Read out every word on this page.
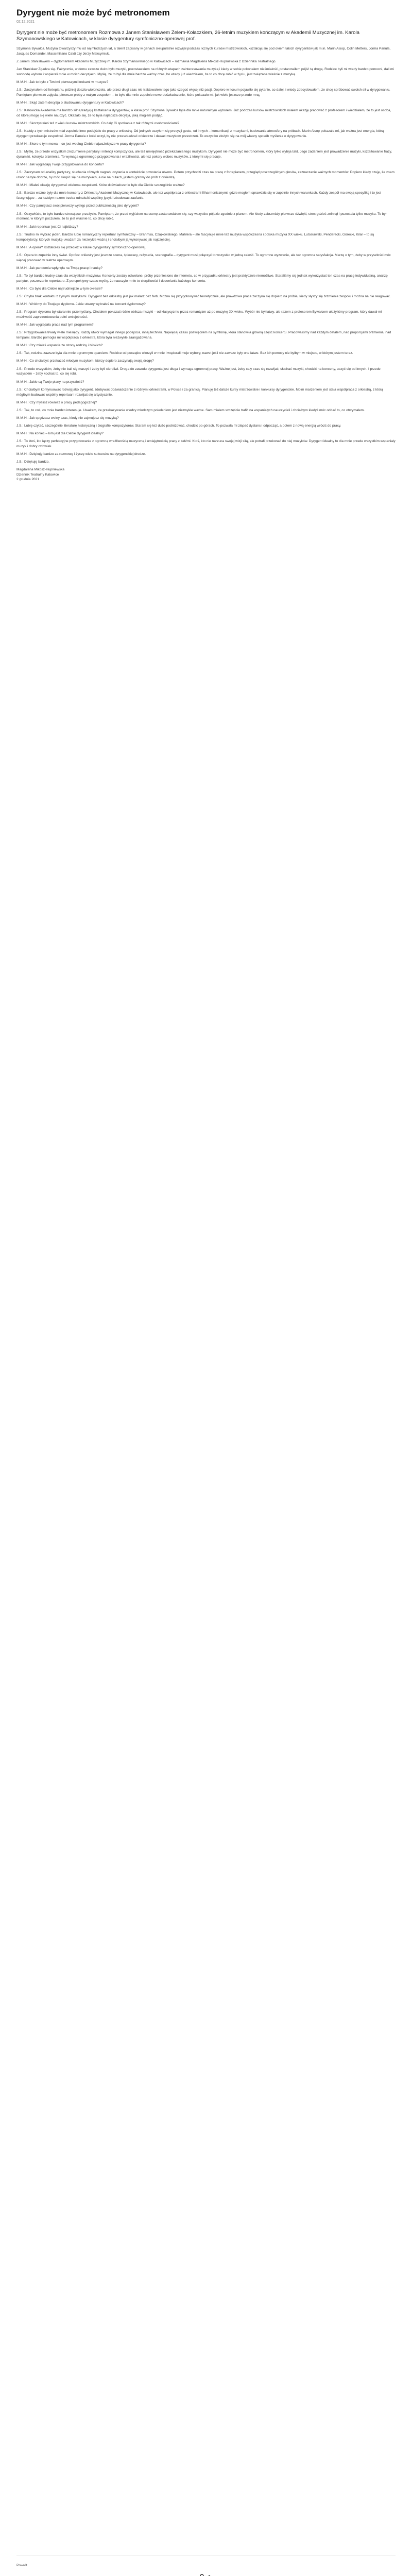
Dyrygent nie może być metronomem
02.12.2021

Dyrygent nie może być metronomem Rozmowa z Janem Stanisławem Zelem-Kołaczkiem, 26-letnim muzykiem kończącym w Akademii Muzycznej im. Karola Szymanowskiego w Katowicach, w klasie dyrygentury symfoniczno-operowej prof.

Szymona Bywalca. Muzyka towarzyszy mu od najmłodszych lat, a talent zapisany w genach skrupulatnie rozwijał podczas licznych kursów mistrzowskich, kształcąc się pod okiem takich dyrygentów jak m.in. Marin Alsop, Colin Metters, Jorma Panula, Jacques Domandel, Massimiliano Caldi czy Jerzy Maksymiuk.

Z Janem Stanisławem – dyplomantem Akademii Muzycznej im. Karola Szymanowskiego w Katowicach – rozmawia Magdalena Mikosz-Hupniewska z Dziennika Teatralnego.

Jan Stanisław Zgadza się. Faktycznie, w domu zawsze dużo było muzyki, pozostawałem na różnych etapach zainteresowania muzyką i kiedy w sobie pokonałem nieśmiałość, postanowiłem pójść tą drogą. Rodzice byli mi wtedy bardzo pomocni, dali mi swobodę wyboru i wspierali mnie w moich decyzjach. Myślę, że to był dla mnie bardzo ważny czas, bo wtedy już wiedziałem, że to co chcę robić w życiu, jest związane właśnie z muzyką.

M.M-H.: Jak to było z Twoimi pierwszymi krokami w muzyce?

J.S.: Zaczynałem od fortepianu, później doszła wiolonczela, ale przez długi czas nie traktowałem tego jako czegoś więcej niż pasji. Dopiero w liceum pojawiło się pytanie, co dalej, i wtedy zdecydowałem, że chcę spróbować swoich sił w dyrygowaniu. Pamiętam pierwsze zajęcia, pierwsze próby z małym zespołem – to było dla mnie zupełnie nowe doświadczenie, które pokazało mi, jak wiele jeszcze przede mną.

M.M-H.: Skąd zatem decyzja o studiowaniu dyrygentury w Katowicach?

J.S.: Katowicka Akademia ma bardzo silną tradycję kształcenia dyrygentów, a klasa prof. Szymona Bywalca była dla mnie naturalnym wyborem. Już podczas kursów mistrzowskich miałem okazję pracować z profesorem i wiedziałem, że to jest osoba, od której mogę się wiele nauczyć. Okazało się, że to była najlepsza decyzja, jaką mogłem podjąć.

M.M-H.: Skorzystałeś też z wielu kursów mistrzowskich. Co dały Ci spotkania z tak różnymi osobowościami?

J.S.: Każdy z tych mistrzów miał zupełnie inne podejście do pracy z orkiestrą. Od jednych uczyłem się precyzji gestu, od innych – komunikacji z muzykami, budowania atmosfery na próbach. Marin Alsop pokazała mi, jak ważna jest energia, którą dyrygent przekazuje zespołowi. Jorma Panula z kolei uczył, by nie przeszkadzać orkiestrze i dawać muzykom przestrzeń. To wszystko złożyło się na mój własny sposób myślenia o dyrygowaniu.

M.M-H.: Skoro o tym mowa – co jest według Ciebie najważniejsze w pracy dyrygenta?

J.S.: Myślę, że przede wszystkim zrozumienie partytury i intencji kompozytora, ale też umiejętność przekazania tego muzykom. Dyrygent nie może być metronomem, który tylko wybija takt. Jego zadaniem jest prowadzenie muzyki, kształtowanie frazy, dynamiki, kolorytu brzmienia. To wymaga ogromnego przygotowania i wrażliwości, ale też pokory wobec muzyków, z którymi się pracuje.

M.M-H.: Jak wyglądają Twoje przygotowania do koncertu?

J.S.: Zaczynam od analizy partytury, słuchania różnych nagrań, czytania o kontekście powstania utworu. Potem przychodzi czas na pracę z fortepianem, przegląd poszczególnych głosów, zaznaczanie ważnych momentów. Dopiero kiedy czuję, że znam utwór na tyle dobrze, by móc skupić się na muzykach, a nie na nutach, jestem gotowy do prób z orkiestrą.

M.M-H.: Miałeś okazję dyrygować wieloma zespołami. Które doświadczenie było dla Ciebie szczególnie ważne?

J.S.: Bardzo ważne były dla mnie koncerty z Orkiestrą Akademii Muzycznej w Katowicach, ale też współpraca z orkiestrami filharmonicznymi, gdzie mogłem sprawdzić się w zupełnie innych warunkach. Każdy zespół ma swoją specyfikę i to jest fascynujące – za każdym razem trzeba odnaleźć wspólny język i zbudować zaufanie.

M.M-H.: Czy pamiętasz swój pierwszy występ przed publicznością jako dyrygent?

J.S.: Oczywiście, to było bardzo stresujące przeżycie. Pamiętam, że przed wyjściem na scenę zastanawiałem się, czy wszystko pójdzie zgodnie z planem. Ale kiedy zabrzmiały pierwsze dźwięki, stres gdzieś zniknął i pozostała tylko muzyka. To był moment, w którym poczułem, że to jest właśnie to, co chcę robić.

M.M-H.: Jaki repertuar jest Ci najbliższy?

J.S.: Trudno mi wybrać jeden. Bardzo lubię romantyczny repertuar symfoniczny – Brahmsa, Czajkowskiego, Mahlera – ale fascynuje mnie też muzyka współczesna i polska muzyka XX wieku. Lutosławski, Penderecki, Górecki, Kilar – to są kompozytorzy, których muzykę uważam za niezwykle ważną i chciałbym ją wykonywać jak najczęściej.

M.M-H.: A opera? Kształciłeś się przecież w klasie dyrygentury symfoniczno-operowej.

J.S.: Opera to zupełnie inny świat. Oprócz orkiestry jest jeszcze scena, śpiewacy, reżyseria, scenografia – dyrygent musi połączyć to wszystko w jedną całość. To ogromne wyzwanie, ale też ogromna satysfakcja. Marzę o tym, żeby w przyszłości móc więcej pracować w teatrze operowym.

M.M-H.: Jak pandemia wpłynęła na Twoją pracę i naukę?

J.S.: To był bardzo trudny czas dla wszystkich muzyków. Koncerty zostały odwołane, próby przeniesiono do internetu, co w przypadku orkiestry jest praktycznie niemożliwe. Staraliśmy się jednak wykorzystać ten czas na pracę indywidualną, analizę partytur, poszerzanie repertuaru. Z perspektywy czasu myślę, że nauczyło mnie to cierpliwości i doceniania każdego koncertu.

M.M-H.: Co było dla Ciebie najtrudniejsze w tym okresie?

J.S.: Chyba brak kontaktu z żywymi muzykami. Dyrygent bez orkiestry jest jak malarz bez farb. Można się przygotowywać teoretycznie, ale prawdziwa praca zaczyna się dopiero na próbie, kiedy słyszy się brzmienie zespołu i można na nie reagować.

M.M-H.: Wróćmy do Twojego dyplomu. Jakie utwory wybrałeś na koncert dyplomowy?

J.S.: Program dyplomu był starannie przemyślany. Chciałem pokazać różne oblicza muzyki – od klasycyzmu przez romantyzm aż po muzykę XX wieku. Wybór nie był łatwy, ale razem z profesorem Bywalcem ułożyliśmy program, który dawał mi możliwość zaprezentowania pełni umiejętności.

M.M-H.: Jak wyglądała praca nad tym programem?

J.S.: Przygotowania trwały wiele miesięcy. Każdy utwór wymagał innego podejścia, innej techniki. Najwięcej czasu poświęciłem na symfonię, która stanowiła główną część koncertu. Pracowaliśmy nad każdym detalem, nad proporcjami brzmienia, nad tempami. Bardzo pomogła mi współpraca z orkiestrą, która była niezwykle zaangażowana.

M.M-H.: Czy miałeś wsparcie ze strony rodziny i bliskich?

J.S.: Tak, rodzina zawsze była dla mnie ogromnym oparciem. Rodzice od początku wierzyli w mnie i wspierali moje wybory, nawet jeśli nie zawsze były one łatwe. Bez ich pomocy nie byłbym w miejscu, w którym jestem teraz.

M.M-H.: Co chciałbyś przekazać młodym muzykom, którzy dopiero zaczynają swoją drogę?

J.S.: Przede wszystkim, żeby nie bali się marzyć i żeby byli cierpliwi. Droga do zawodu dyrygenta jest długa i wymaga ogromnej pracy. Ważne jest, żeby cały czas się rozwijać, słuchać muzyki, chodzić na koncerty, uczyć się od innych. I przede wszystkim – żeby kochać to, co się robi.

M.M-H.: Jakie są Twoje plany na przyszłość?

J.S.: Chciałbym kontynuować rozwój jako dyrygent, zdobywać doświadczenie z różnymi orkiestrami, w Polsce i za granicą. Planuję też dalsze kursy mistrzowskie i konkursy dyrygenckie. Moim marzeniem jest stała współpraca z orkiestrą, z którą mógłbym budować wspólny repertuar i rozwijać się artystycznie.

M.M-H.: Czy myślisz również o pracy pedagogicznej?

J.S.: Tak, to coś, co mnie bardzo interesuje. Uważam, że przekazywanie wiedzy młodszym pokoleniom jest niezwykle ważne. Sam miałem szczęście trafić na wspaniałych nauczycieli i chciałbym kiedyś móc oddać to, co otrzymałem.

M.M-H.: Jak spędzasz wolny czas, kiedy nie zajmujesz się muzyką?

J.S.: Lubię czytać, szczególnie literaturę historyczną i biografie kompozytorów. Staram się też dużo podróżować, chodzić po górach. To pozwala mi złapać dystans i odpocząć, a potem z nową energią wrócić do pracy.

M.M-H.: Na koniec – kim jest dla Ciebie dyrygent idealny?

J.S.: To ktoś, kto łączy perfekcyjne przygotowanie z ogromną wrażliwością muzyczną i umiejętnością pracy z ludźmi. Ktoś, kto nie narzuca swojej wizji siłą, ale potrafi przekonać do niej muzyków. Dyrygent idealny to dla mnie przede wszystkim wspaniały muzyk i dobry człowiek.

M.M-H.: Dziękuję bardzo za rozmowę i życzę wielu sukcesów na dyrygenckiej drodze.

J.S.: Dziękuję bardzo.

Magdalena Mikosz-Hupniewska
Dziennik Teatralny Katowice
2 grudnia 2021
Powrót
